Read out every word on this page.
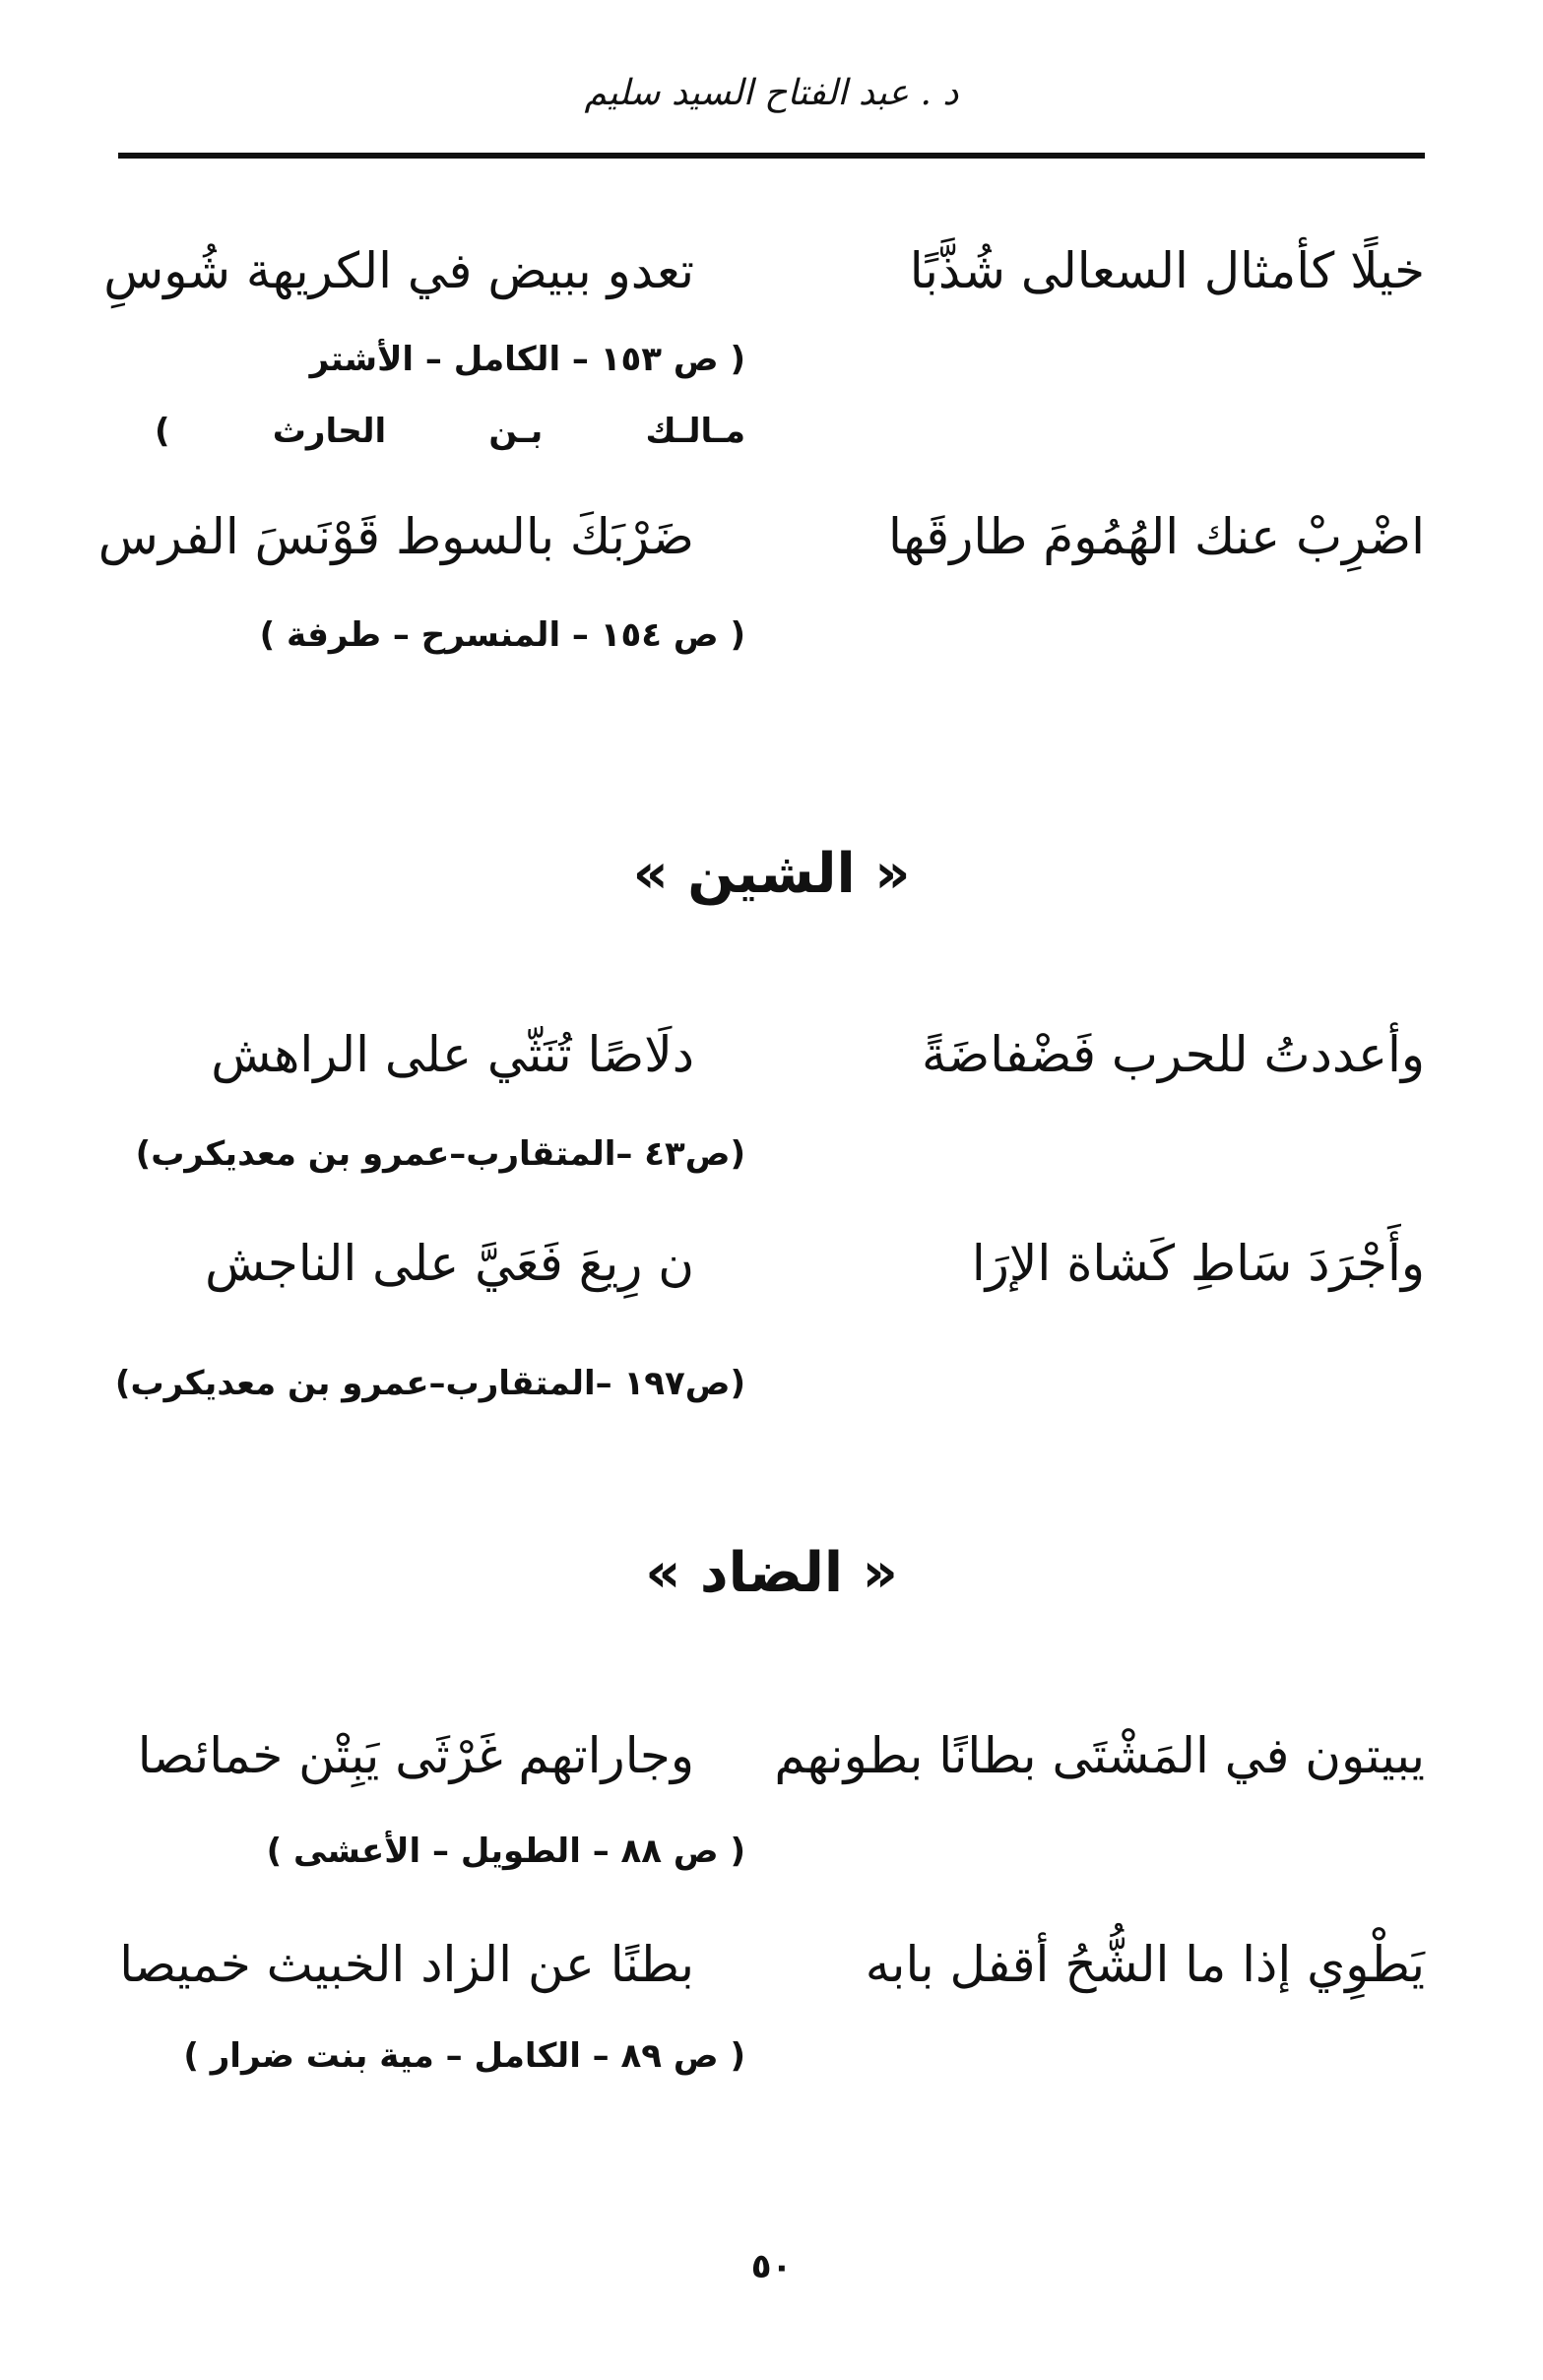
د . عبد الفتاح السيد سليم
خيلًا كأمثال السعالى شُذَّبًا
تعدو ببيض في الكريهة شُوسِ
( ص ١٥٣ – الكامل – الأشتر
مـالـك بـن الحارث )
اضْرِبْ عنك الهُمُومَ طارقَها
ضَرْبَكَ بالسوط قَوْنَسَ الفرس
( ص ١٥٤ – المنسرح – طرفة )
« الشين »
وأعددتُ للحرب فَضْفاضَةً
دلَاصًا تُنَثّي على الراهش
(ص٤٣ –المتقارب–عمرو بن معديكرب)
وأَجْرَدَ سَاطِ كَشاة الإرَا
ن رِيعَ فَعَيَّ على الناجش
(ص١٩٧ –المتقارب–عمرو بن معديكرب)
« الضاد »
يبيتون في المَشْتَى بطانًا بطونهم
وجاراتهم غَرْثَى يَبِتْن خمائصا
( ص ٨٨ – الطويل – الأعشى )
يَطْوِي إذا ما الشُّحُ أقفل بابه
بطنًا عن الزاد الخبيث خميصا
( ص ٨٩ – الكامل – مية بنت ضرار )
٥٠
